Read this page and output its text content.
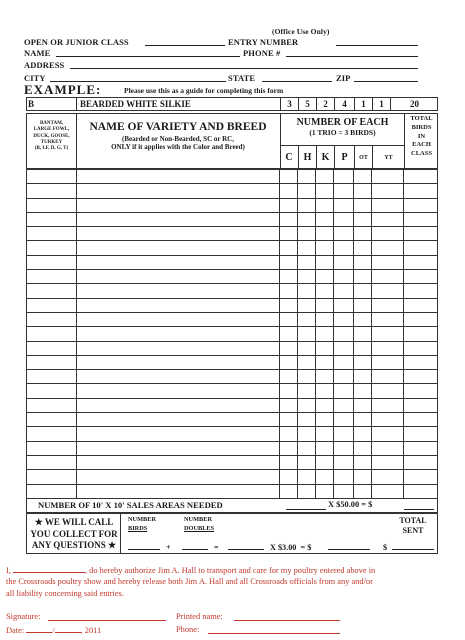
(Office Use Only)
OPEN OR JUNIOR CLASS	ENTRY NUMBER
NAME	PHONE #
ADDRESS
CITY	STATE	ZIP
EXAMPLE:	Please use this as a guide for completing this form
B	BEARDED WHITE SILKIE	3	5	2	4	1	1	20
BANTAM,
LARGE FOWL,
DUCK, GOOSE,
TURKEY
(B, LF, D, G, T)
NAME OF VARIETY AND BREED
(Bearded or Non-Bearded, SC or RC,
ONLY if it applies with the Color and Breed)
NUMBER OF EACH
(1 TRIO = 3 BIRDS)
C	H	K	P	OT	YT
TOTAL
BIRDS
IN
EACH
CLASS

NUMBER OF 10' X 10' SALES AREAS NEEDED	X $50.00 = $
★ WE WILL CALL
YOU COLLECT FOR
ANY QUESTIONS ★
NUMBER
BIRDS
NUMBER
DOUBLES
+	=	X $3.00  = $	$
TOTAL
SENT
I,	, do hereby authorize Jim A. Hall to transport and care for my poultry entered above in
the Crossroads poultry show and hereby release both Jim A. Hall and all Crossroads officials from any and/or
all liability concerning said entries.
Signature:	Printed name:
Date:	/	, 2011	Phone:
